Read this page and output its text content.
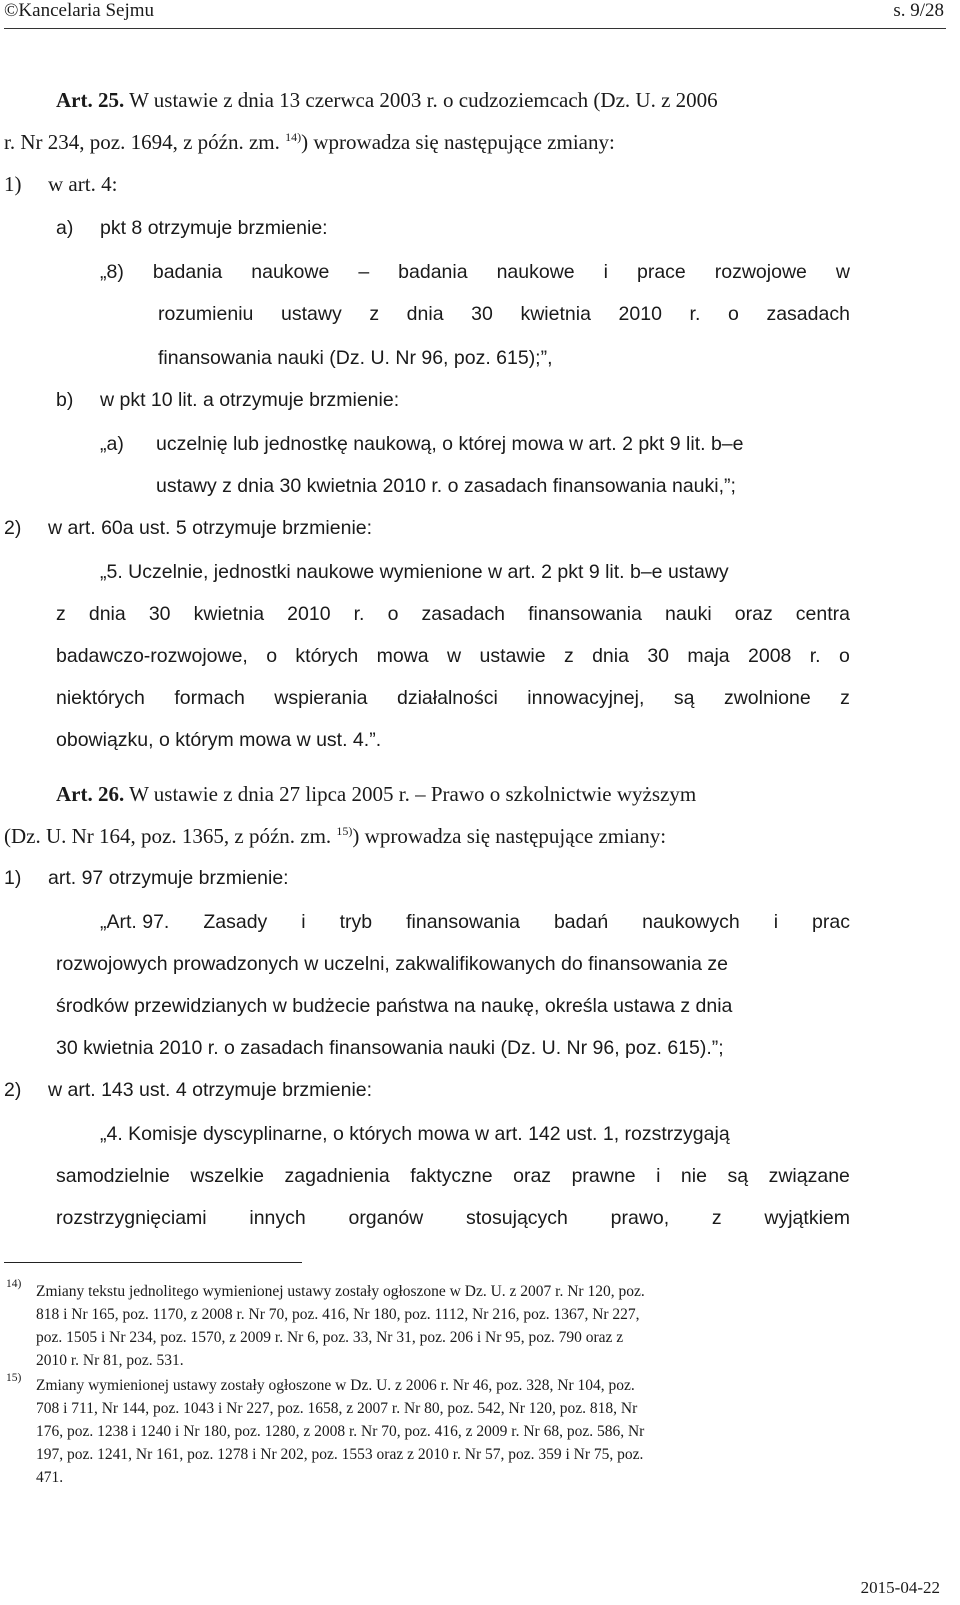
©Kancelaria Sejmu	s. 9/28
Art. 25. W ustawie z dnia 13 czerwca 2003 r. o cudzoziemcach (Dz. U. z 2006
r. Nr 234, poz. 1694, z późn. zm. $^{14)}$) wprowadza się następujące zmiany:
1) w art. 4:
a) pkt 8 otrzymuje brzmienie:
„8) badania naukowe – badania naukowe i prace rozwojowe w
rozumieniu ustawy z dnia 30 kwietnia 2010 r. o zasadach
finansowania nauki (Dz. U. Nr 96, poz. 615);”,
b) w pkt 10 lit. a otrzymuje brzmienie:
„a) uczelnię lub jednostkę naukową, o której mowa w art. 2 pkt 9 lit. b–e
ustawy z dnia 30 kwietnia 2010 r. o zasadach finansowania nauki,”;
2) w art. 60a ust. 5 otrzymuje brzmienie:
„5. Uczelnie, jednostki naukowe wymienione w art. 2 pkt 9 lit. b–e ustawy
z dnia 30 kwietnia 2010 r. o zasadach finansowania nauki oraz centra
badawczo-rozwojowe, o których mowa w ustawie z dnia 30 maja 2008 r. o
niektórych formach wspierania działalności innowacyjnej, są zwolnione z
obowiązku, o którym mowa w ust. 4.”.
Art. 26. W ustawie z dnia 27 lipca 2005 r. – Prawo o szkolnictwie wyższym
(Dz. U. Nr 164, poz. 1365, z późn. zm. $^{15)}$) wprowadza się następujące zmiany:
1) art. 97 otrzymuje brzmienie:
„Art. 97. Zasady i tryb finansowania badań naukowych i prac
rozwojowych prowadzonych w uczelni, zakwalifikowanych do finansowania ze
środków przewidzianych w budżecie państwa na naukę, określa ustawa z dnia
30 kwietnia 2010 r. o zasadach finansowania nauki (Dz. U. Nr 96, poz. 615).”;
2) w art. 143 ust. 4 otrzymuje brzmienie:
„4. Komisje dyscyplinarne, o których mowa w art. 142 ust. 1, rozstrzygają
samodzielnie wszelkie zagadnienia faktyczne oraz prawne i nie są związane
rozstrzygnięciami innych organów stosujących prawo, z wyjątkiem
14) Zmiany tekstu jednolitego wymienionej ustawy zostały ogłoszone w Dz. U. z 2007 r. Nr 120, poz.
818 i Nr 165, poz. 1170, z 2008 r. Nr 70, poz. 416, Nr 180, poz. 1112, Nr 216, poz. 1367, Nr 227,
poz. 1505 i Nr 234, poz. 1570, z 2009 r. Nr 6, poz. 33, Nr 31, poz. 206 i Nr 95, poz. 790 oraz z
2010 r. Nr 81, poz. 531.
15) Zmiany wymienionej ustawy zostały ogłoszone w Dz. U. z 2006 r. Nr 46, poz. 328, Nr 104, poz.
708 i 711, Nr 144, poz. 1043 i Nr 227, poz. 1658, z 2007 r. Nr 80, poz. 542, Nr 120, poz. 818, Nr
176, poz. 1238 i 1240 i Nr 180, poz. 1280, z 2008 r. Nr 70, poz. 416, z 2009 r. Nr 68, poz. 586, Nr
197, poz. 1241, Nr 161, poz. 1278 i Nr 202, poz. 1553 oraz z 2010 r. Nr 57, poz. 359 i Nr 75, poz.
471.
2015-04-22
